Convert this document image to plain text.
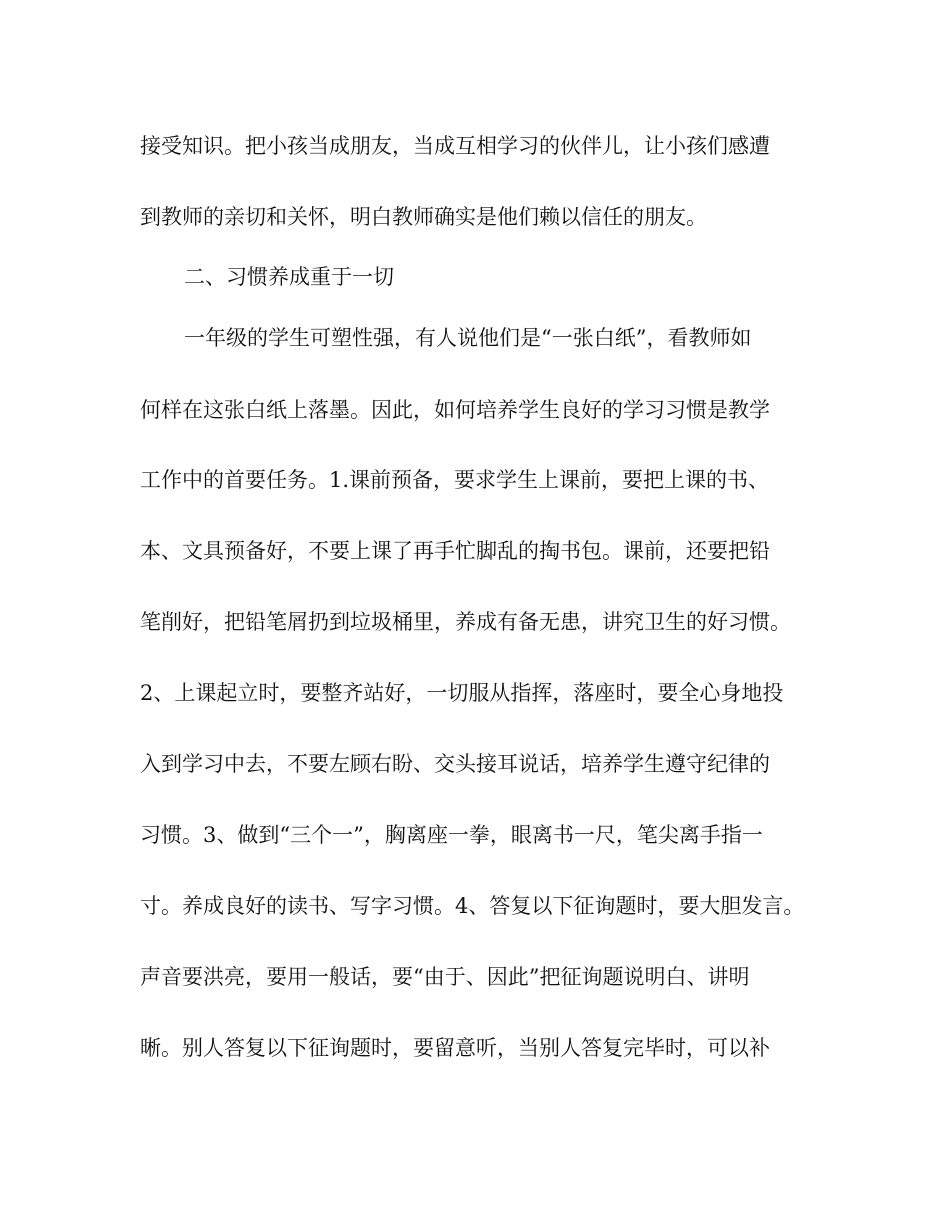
接受知识。把小孩当成朋友，当成互相学习的伙伴儿，让小孩们感遭
到教师的亲切和关怀，明白教师确实是他们赖以信任的朋友。
二、习惯养成重于一切
一年级的学生可塑性强，有人说他们是“一张白纸”，看教师如
何样在这张白纸上落墨。因此，如何培养学生良好的学习习惯是教学
工作中的首要任务。1.课前预备，要求学生上课前，要把上课的书、
本、文具预备好，不要上课了再手忙脚乱的掏书包。课前，还要把铅
笔削好，把铅笔屑扔到垃圾桶里，养成有备无患，讲究卫生的好习惯。
2、上课起立时，要整齐站好，一切服从指挥，落座时，要全心身地投
入到学习中去，不要左顾右盼、交头接耳说话，培养学生遵守纪律的
习惯。3、做到“三个一”，胸离座一拳，眼离书一尺，笔尖离手指一
寸。养成良好的读书、写字习惯。4、答复以下征询题时，要大胆发言。
声音要洪亮，要用一般话，要“由于、因此”把征询题说明白、讲明
晰。别人答复以下征询题时，要留意听，当别人答复完毕时，可以补
